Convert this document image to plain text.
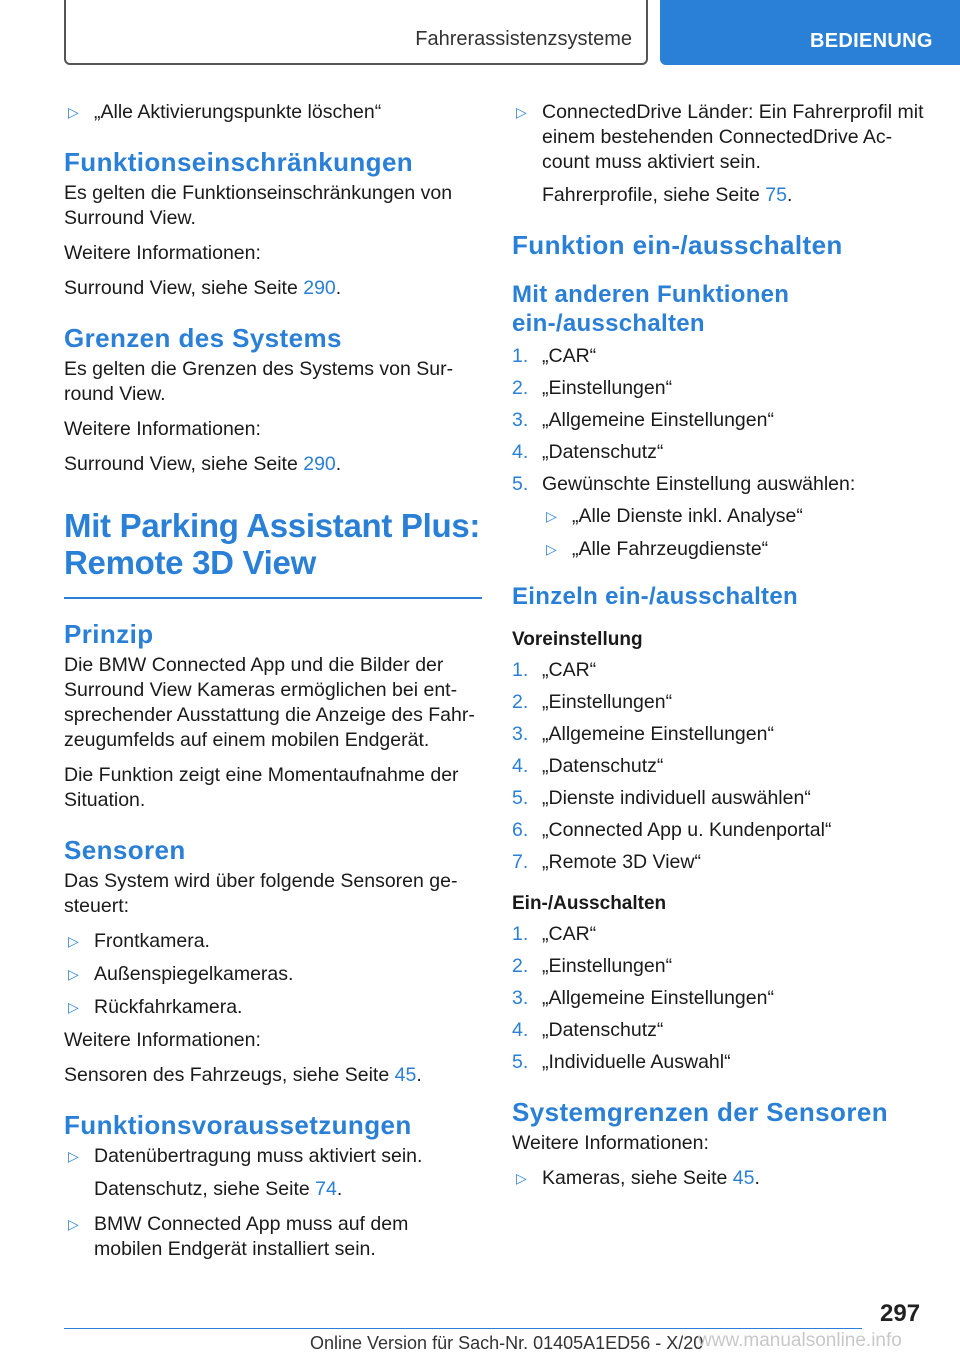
Fahrerassistenzsysteme	BEDIENUNG
▷ „Alle Aktivierungspunkte löschen“
Funktionseinschränkungen

Es gelten die Funktionseinschränkungen von Surround View.

Weitere Informationen:

Surround View, siehe Seite 290.

Grenzen des Systems

Es gelten die Grenzen des Systems von Sur-round View.

Weitere Informationen:

Surround View, siehe Seite 290.

Mit Parking Assistant Plus:
Remote 3D View
Prinzip

Die BMW Connected App und die Bilder der Surround View Kameras ermöglichen bei ent-sprechender Ausstattung die Anzeige des Fahr-zeugumfelds auf einem mobilen Endgerät.

Die Funktion zeigt eine Momentaufnahme der Situation.

Sensoren

Das System wird über folgende Sensoren ge-steuert:

▷ Frontkamera.
▷ Außenspiegelkameras.
▷ Rückfahrkamera.

Weitere Informationen:

Sensoren des Fahrzeugs, siehe Seite 45.

Funktionsvoraussetzungen
▷ Datenübertragung muss aktiviert sein.

Datenschutz, siehe Seite 74.

▷ BMW Connected App muss auf dem mobilen Endgerät installiert sein.
▷ ConnectedDrive Länder: Ein Fahrerprofil mit einem bestehenden ConnectedDrive Ac-count muss aktiviert sein.

Fahrerprofile, siehe Seite 75.

Funktion ein-/ausschalten
Mit anderen Funktionen ein-/ausschalten
1. „CAR“
2. „Einstellungen“
3. „Allgemeine Einstellungen“
4. „Datenschutz“
5. Gewünschte Einstellung auswählen:
▷ „Alle Dienste inkl. Analyse“
▷ „Alle Fahrzeugdienste“
Einzeln ein-/ausschalten
Voreinstellung
1. „CAR“
2. „Einstellungen“
3. „Allgemeine Einstellungen“
4. „Datenschutz“
5. „Dienste individuell auswählen“
6. „Connected App u. Kundenportal“
7. „Remote 3D View“
Ein-/Ausschalten
1. „CAR“
2. „Einstellungen“
3. „Allgemeine Einstellungen“
4. „Datenschutz“
5. „Individuelle Auswahl“
Systemgrenzen der Sensoren

Weitere Informationen:

▷ Kameras, siehe Seite 45.
297
Online Version für Sach-Nr. 01405A1ED56 - X/20
www.manualsonline.info
